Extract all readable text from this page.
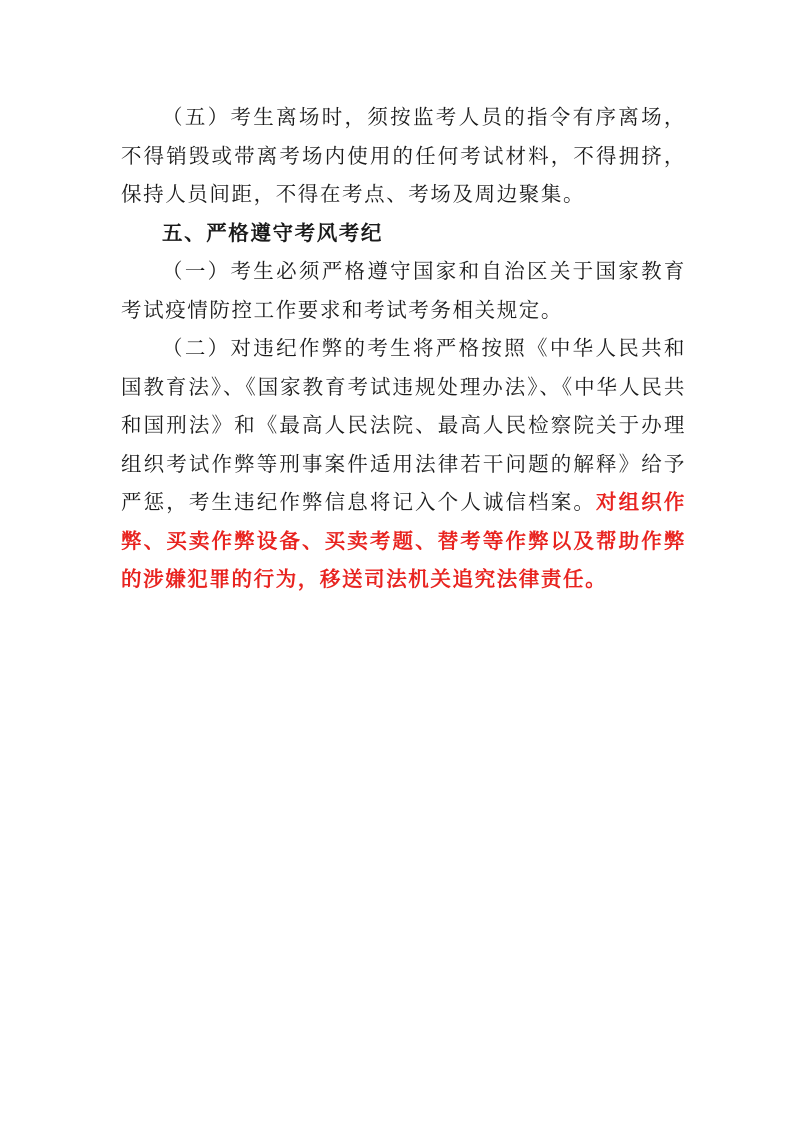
（五）考生离场时，须按监考人员的指令有序离场，不得销毁或带离考场内使用的任何考试材料，不得拥挤，保持人员间距，不得在考点、考场及周边聚集。

五、严格遵守考风考纪

（一）考生必须严格遵守国家和自治区关于国家教育考试疫情防控工作要求和考试考务相关规定。

（二）对违纪作弊的考生将严格按照《中华人民共和国教育法》、《国家教育考试违规处理办法》、《中华人民共和国刑法》和《最高人民法院、最高人民检察院关于办理组织考试作弊等刑事案件适用法律若干问题的解释》给予严惩，考生违纪作弊信息将记入个人诚信档案。对组织作弊、买卖作弊设备、买卖考题、替考等作弊以及帮助作弊的涉嫌犯罪的行为，移送司法机关追究法律责任。
